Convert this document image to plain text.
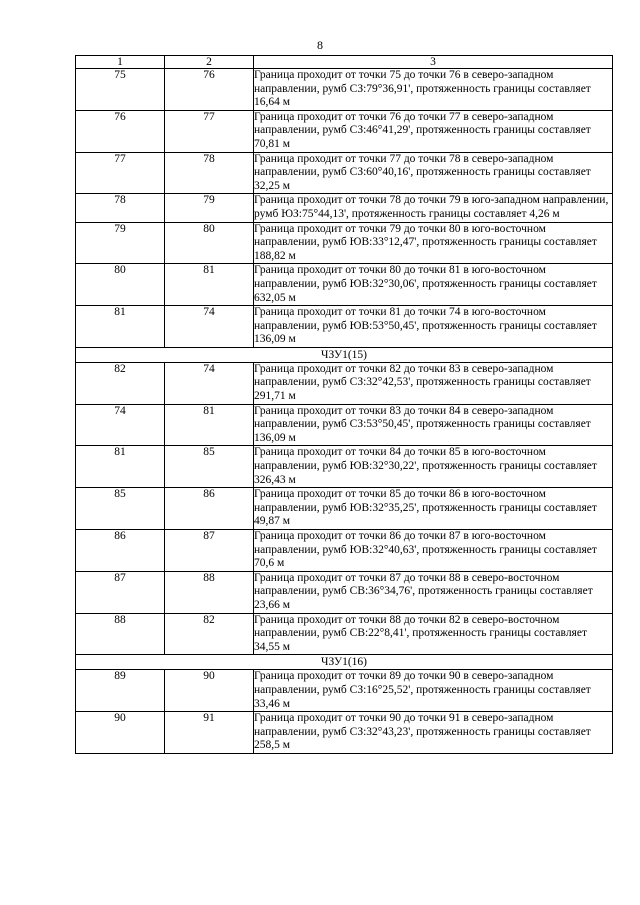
8
1	2	3
75	76	Граница проходит от точки 75 до точки 76 в северо-западном направлении, румб СЗ:79°36,91', протяженность границы составляет 16,64 м
76	77	Граница проходит от точки 76 до точки 77 в северо-западном направлении, румб СЗ:46°41,29', протяженность границы составляет 70,81 м
77	78	Граница проходит от точки 77 до точки 78 в северо-западном направлении, румб СЗ:60°40,16', протяженность границы составляет 32,25 м
78	79	Граница проходит от точки 78 до точки 79 в юго-западном направлении, румб ЮЗ:75°44,13', протяженность границы составляет 4,26 м
79	80	Граница проходит от точки 79 до точки 80 в юго-восточном направлении, румб ЮВ:33°12,47', протяженность границы составляет 188,82 м
80	81	Граница проходит от точки 80 до точки 81 в юго-восточном направлении, румб ЮВ:32°30,06', протяженность границы составляет 632,05 м
81	74	Граница проходит от точки 81 до точки 74 в юго-восточном направлении, румб ЮВ:53°50,45', протяженность границы составляет 136,09 м
ЧЗУ1(15)		
82	74	Граница проходит от точки 82 до точки 83 в северо-западном направлении, румб СЗ:32°42,53', протяженность границы составляет 291,71 м
74	81	Граница проходит от точки 83 до точки 84 в северо-западном направлении, румб СЗ:53°50,45', протяженность границы составляет 136,09 м
81	85	Граница проходит от точки 84 до точки 85 в юго-восточном направлении, румб ЮВ:32°30,22', протяженность границы составляет 326,43 м
85	86	Граница проходит от точки 85 до точки 86 в юго-восточном направлении, румб ЮВ:32°35,25', протяженность границы составляет 49,87 м
86	87	Граница проходит от точки 86 до точки 87 в юго-восточном направлении, румб ЮВ:32°40,63', протяженность границы составляет 70,6 м
87	88	Граница проходит от точки 87 до точки 88 в северо-восточном направлении, румб СВ:36°34,76', протяженность границы составляет 23,66 м
88	82	Граница проходит от точки 88 до точки 82 в северо-восточном направлении, румб СВ:22°8,41', протяженность границы составляет 34,55 м
ЧЗУ1(16)		
89	90	Граница проходит от точки 89 до точки 90 в северо-западном направлении, румб СЗ:16°25,52', протяженность границы составляет 33,46 м
90	91	Граница проходит от точки 90 до точки 91 в северо-западном направлении, румб СЗ:32°43,23', протяженность границы составляет 258,5 м
